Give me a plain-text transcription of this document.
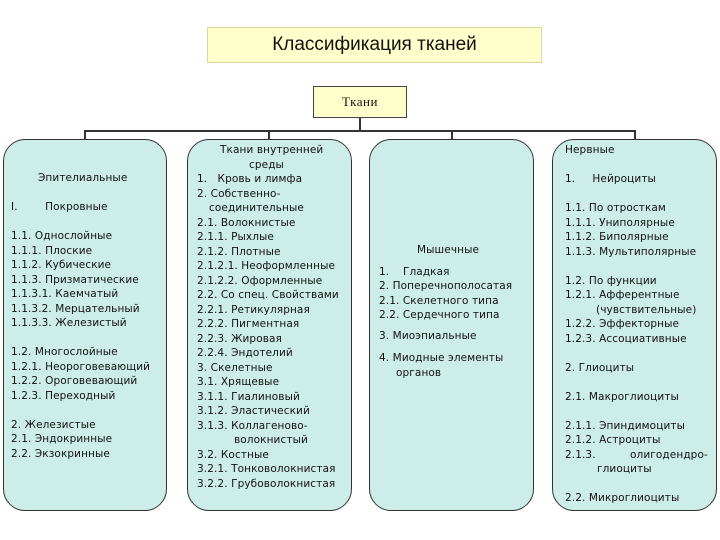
Классификация тканей
Ткани
Эпителиальные
I.        Покровные
1.1. Однослойные
1.1.1. Плоские
1.1.2. Кубические
1.1.3. Призматические
1.1.3.1. Каемчатый
1.1.3.2. Мерцательный
1.1.3.3. Железистый
1.2. Многослойные
1.2.1. Неороговевающий
1.2.2. Ороговевающий
1.2.3. Переходный
2. Железистые
2.1. Эндокринные
2.2. Экзокринные
Ткани внутренней
среды
1.   Кровь и лимфа
2. Собственно-
соединительные
2.1. Волокнистые
2.1.1. Рыхлые
2.1.2. Плотные
2.1.2.1. Неоформленные
2.1.2.2. Оформленные
2.2. Со спец. Свойствами
2.2.1. Ретикулярная
2.2.2. Пигментная
2.2.3. Жировая
2.2.4. Эндотелий
3. Скелетные
3.1. Хрящевые
3.1.1. Гиалиновый
3.1.2. Эластический
3.1.3. Коллагеново-
волокнистый
3.2. Костные
3.2.1. Тонковолокнистая
3.2.2. Грубоволокнистая
Мышечные
1.    Гладкая
2. Поперечнополосатая
2.1. Скелетного типа
2.2. Сердечного типа
3. Миоэпиальные
4. Миодные элементы
органов
Нервные
1.     Нейроциты
1.1. По отросткам
1.1.1. Униполярные
1.1.2. Биполярные
1.1.3. Мультиполярные
1.2. По функции
1.2.1. Афферентные
(чувствительные)
1.2.2. Эффекторные
1.2.3. Ассоциативные
2. Глиоциты
2.1. Макроглиоциты
2.1.1. Эпиндимоциты
2.1.2. Астроциты
2.1.3.          олигодендро-
глиоциты
2.2. Микроглиоциты
